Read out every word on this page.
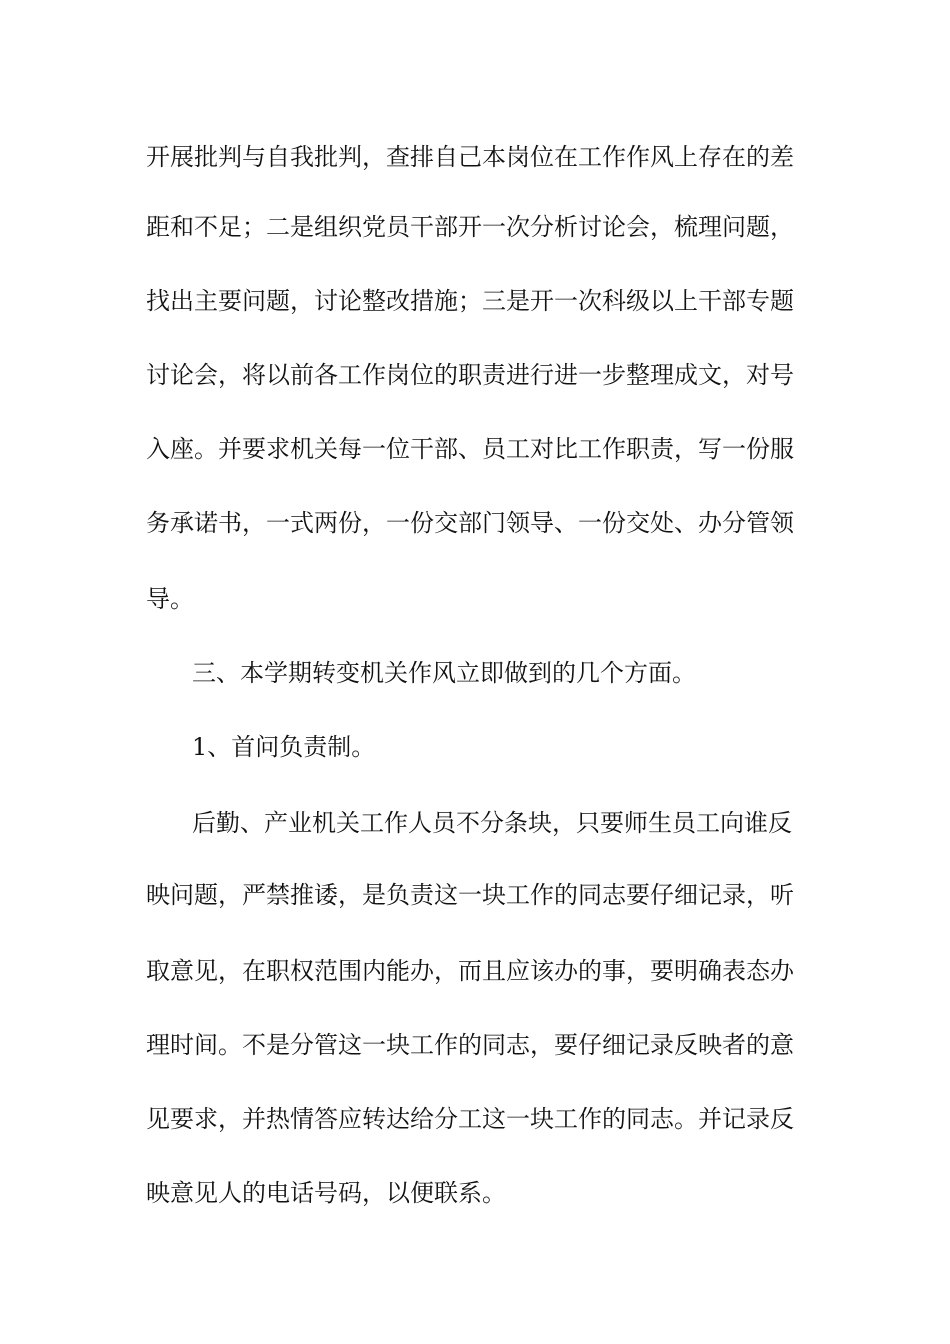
开展批判与自我批判，查排自己本岗位在工作作风上存在的差

距和不足；二是组织党员干部开一次分析讨论会，梳理问题，

找出主要问题，讨论整改措施；三是开一次科级以上干部专题

讨论会，将以前各工作岗位的职责进行进一步整理成文，对号

入座。并要求机关每一位干部、员工对比工作职责，写一份服

务承诺书，一式两份，一份交部门领导、一份交处、办分管领

导。

三、本学期转变机关作风立即做到的几个方面。

1、首问负责制。

后勤、产业机关工作人员不分条块，只要师生员工向谁反

映问题，严禁推诿，是负责这一块工作的同志要仔细记录，听

取意见，在职权范围内能办，而且应该办的事，要明确表态办

理时间。不是分管这一块工作的同志，要仔细记录反映者的意

见要求，并热情答应转达给分工这一块工作的同志。并记录反

映意见人的电话号码，以便联系。
